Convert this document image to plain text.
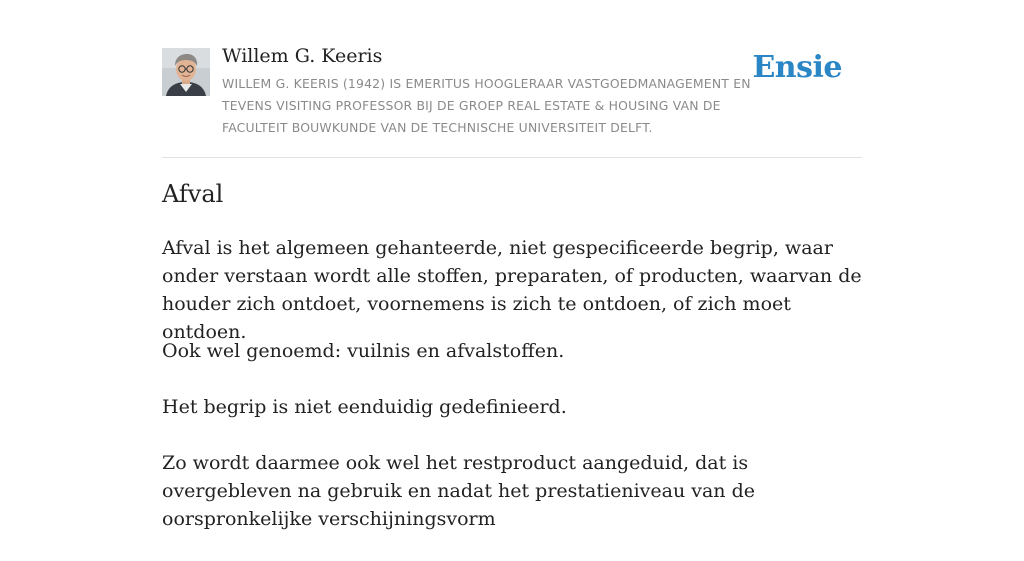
Willem G. Keeris
WILLEM G. KEERIS (1942) IS EMERITUS HOOGLERAAR VASTGOEDMANAGEMENT EN TEVENS VISITING PROFESSOR BIJ DE GROEP REAL ESTATE & HOUSING VAN DE FACULTEIT BOUWKUNDE VAN DE TECHNISCHE UNIVERSITEIT DELFT.
Ensie
Afval

Afval is het algemeen gehanteerde, niet gespecificeerde begrip, waar onder verstaan wordt alle stoffen, preparaten, of producten, waarvan de houder zich ontdoet, voornemens is zich te ontdoen, of zich moet ontdoen.

Ook wel genoemd: vuilnis en afvalstoffen.

Het begrip is niet eenduidig gedefinieerd.

Zo wordt daarmee ook wel het restproduct aangeduid, dat is overgebleven na gebruik en nadat het prestatieniveau van de oorspronkelijke verschijningsvorm
